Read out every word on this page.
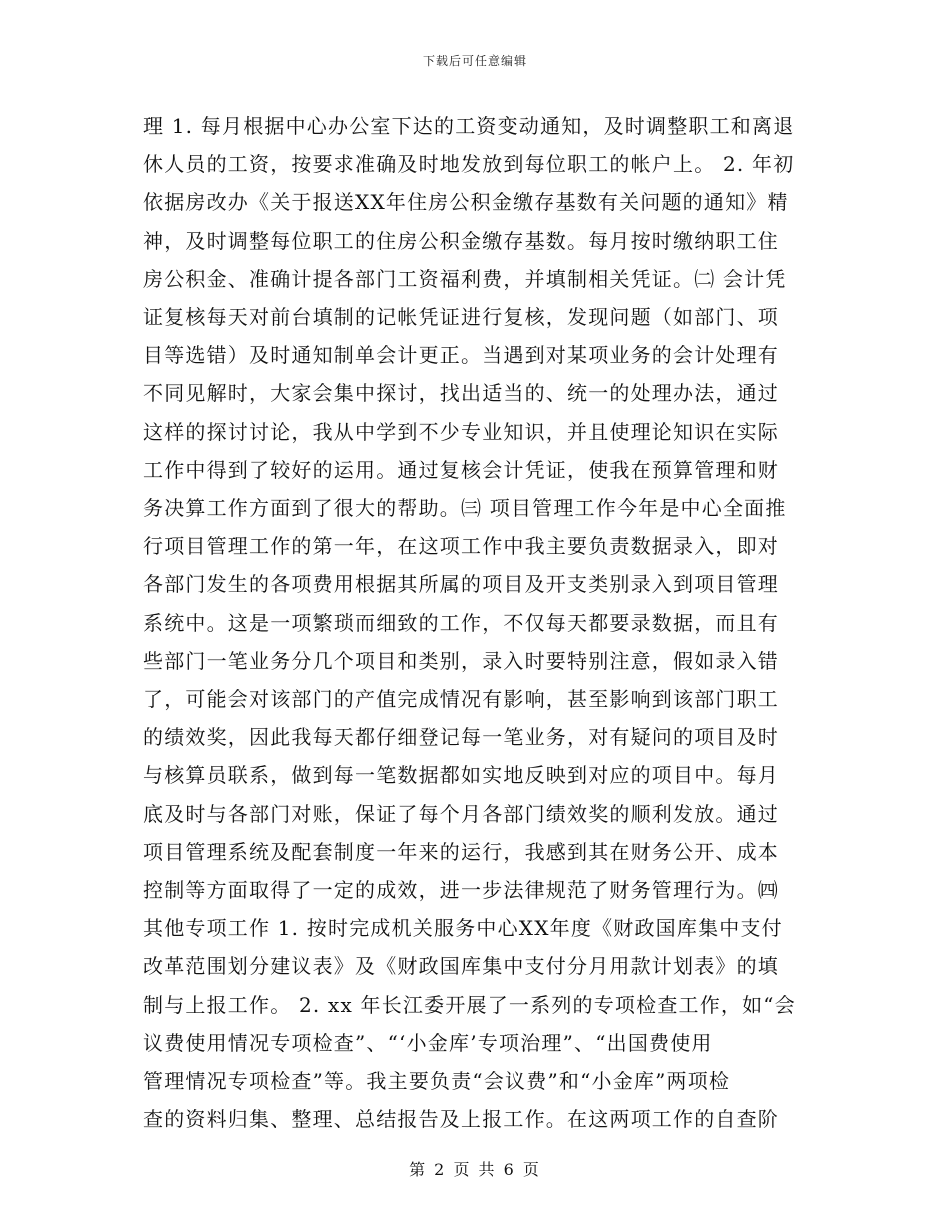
下载后可任意编辑

理 1. 每月根据中心办公室下达的工资变动通知，及时调整职工和离退
休人员的工资，按要求准确及时地发放到每位职工的帐户上。 2. 年初
依据房改办《关于报送XX年住房公积金缴存基数有关问题的通知》精
神，及时调整每位职工的住房公积金缴存基数。每月按时缴纳职工住
房公积金、准确计提各部门工资福利费，并填制相关凭证。㈡ 会计凭
证复核每天对前台填制的记帐凭证进行复核，发现问题（如部门、项
目等选错）及时通知制单会计更正。当遇到对某项业务的会计处理有
不同见解时，大家会集中探讨，找出适当的、统一的处理办法，通过
这样的探讨讨论，我从中学到不少专业知识，并且使理论知识在实际
工作中得到了较好的运用。通过复核会计凭证，使我在预算管理和财
务决算工作方面到了很大的帮助。㈢ 项目管理工作今年是中心全面推
行项目管理工作的第一年，在这项工作中我主要负责数据录入，即对
各部门发生的各项费用根据其所属的项目及开支类别录入到项目管理
系统中。这是一项繁琐而细致的工作，不仅每天都要录数据，而且有
些部门一笔业务分几个项目和类别，录入时要特别注意，假如录入错
了，可能会对该部门的产值完成情况有影响，甚至影响到该部门职工
的绩效奖，因此我每天都仔细登记每一笔业务，对有疑问的项目及时
与核算员联系，做到每一笔数据都如实地反映到对应的项目中。每月
底及时与各部门对账，保证了每个月各部门绩效奖的顺利发放。通过
项目管理系统及配套制度一年来的运行，我感到其在财务公开、成本
控制等方面取得了一定的成效，进一步法律规范了财务管理行为。㈣
其他专项工作 1. 按时完成机关服务中心XX年度《财政国库集中支付
改革范围划分建议表》及《财政国库集中支付分月用款计划表》的填
制与上报工作。 2. xx 年长江委开展了一系列的专项检查工作，如“会
议费使用情况专项检查”、“‘小金库’专项治理”、“出国费使用
管理情况专项检查”等。我主要负责“会议费”和“小金库”两项检
查的资料归集、整理、总结报告及上报工作。在这两项工作的自查阶

第 2 页 共 6 页
